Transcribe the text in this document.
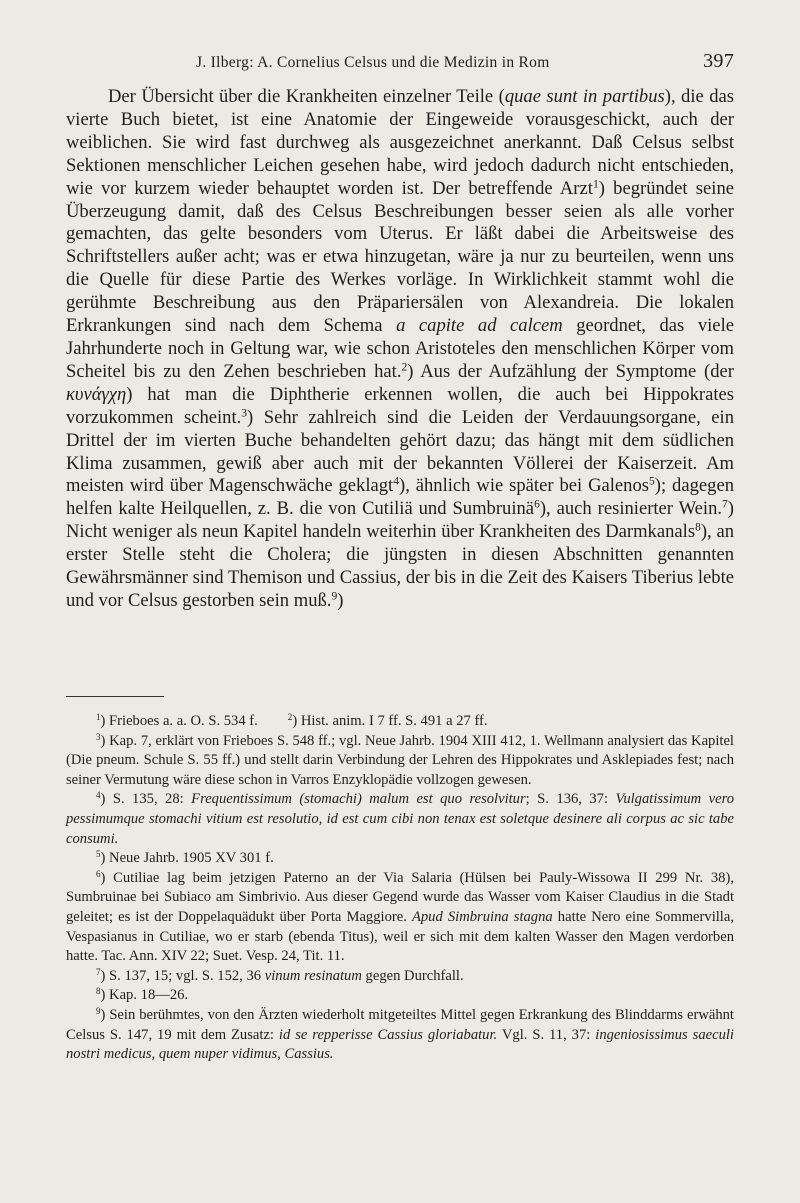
J. Ilberg: A. Cornelius Celsus und die Medizin in Rom	397

Der Übersicht über die Krankheiten einzelner Teile (quae sunt in partibus), die das vierte Buch bietet, ist eine Anatomie der Eingeweide vorausgeschickt, auch der weiblichen. Sie wird fast durchweg als ausgezeichnet anerkannt. Daß Celsus selbst Sektionen menschlicher Leichen gesehen habe, wird jedoch dadurch nicht entschieden, wie vor kurzem wieder behauptet worden ist. Der betreffende Arzt$^1$) begründet seine Überzeugung damit, daß des Celsus Beschreibungen besser seien als alle vorher gemachten, das gelte besonders vom Uterus. Er läßt dabei die Arbeitsweise des Schriftstellers außer acht; was er etwa hinzugetan, wäre ja nur zu beurteilen, wenn uns die Quelle für diese Partie des Werkes vorläge. In Wirklichkeit stammt wohl die gerühmte Beschreibung aus den Präpariersälen von Alexandreia. Die lokalen Erkrankungen sind nach dem Schema a capite ad calcem geordnet, das viele Jahrhunderte noch in Geltung war, wie schon Aristoteles den menschlichen Körper vom Scheitel bis zu den Zehen beschrieben hat.$^2$) Aus der Aufzählung der Symptome (der κυνάγχη) hat man die Diphtherie erkennen wollen, die auch bei Hippokrates vorzukommen scheint.$^3$) Sehr zahlreich sind die Leiden der Verdauungsorgane, ein Drittel der im vierten Buche behandelten gehört dazu; das hängt mit dem südlichen Klima zusammen, gewiß aber auch mit der bekannten Völlerei der Kaiserzeit. Am meisten wird über Magenschwäche geklagt$^4$), ähnlich wie später bei Galenos$^5$); dagegen helfen kalte Heilquellen, z. B. die von Cutiliä und Sumbruinä$^6$), auch resinierter Wein.$^7$) Nicht weniger als neun Kapitel handeln weiterhin über Krankheiten des Darmkanals$^8$), an erster Stelle steht die Cholera; die jüngsten in diesen Abschnitten genannten Gewährsmänner sind Themison und Cassius, der bis in die Zeit des Kaisers Tiberius lebte und vor Celsus gestorben sein muß.$^9$)

$^1$) Frieboes a. a. O. S. 534 f.	$^2$) Hist. anim. I 7 ff. S. 491 a 27 ff.

$^3$) Kap. 7, erklärt von Frieboes S. 548 ff.; vgl. Neue Jahrb. 1904 XIII 412, 1. Wellmann analysiert das Kapitel (Die pneum. Schule S. 55 ff.) und stellt darin Verbindung der Lehren des Hippokrates und Asklepiades fest; nach seiner Vermutung wäre diese schon in Varros Enzyklopädie vollzogen gewesen.

$^4$) S. 135, 28: Frequentissimum (stomachi) malum est quo resolvitur; S. 136, 37: Vulgatissimum vero pessimumque stomachi vitium est resolutio, id est cum cibi non tenax est soletque desinere ali corpus ac sic tabe consumi.

$^5$) Neue Jahrb. 1905 XV 301 f.

$^6$) Cutiliae lag beim jetzigen Paterno an der Via Salaria (Hülsen bei Pauly-Wissowa II 299 Nr. 38), Sumbruinae bei Subiaco am Simbrivio. Aus dieser Gegend wurde das Wasser vom Kaiser Claudius in die Stadt geleitet; es ist der Doppelaquädukt über Porta Maggiore. Apud Simbruina stagna hatte Nero eine Sommervilla, Vespasianus in Cutiliae, wo er starb (ebenda Titus), weil er sich mit dem kalten Wasser den Magen verdorben hatte. Tac. Ann. XIV 22; Suet. Vesp. 24, Tit. 11.

$^7$) S. 137, 15; vgl. S. 152, 36 vinum resinatum gegen Durchfall.

$^8$) Kap. 18—26.

$^9$) Sein berühmtes, von den Ärzten wiederholt mitgeteiltes Mittel gegen Erkrankung des Blinddarms erwähnt Celsus S. 147, 19 mit dem Zusatz: id se repperisse Cassius gloriabatur. Vgl. S. 11, 37: ingeniosissimus saeculi nostri medicus, quem nuper vidimus, Cassius.
